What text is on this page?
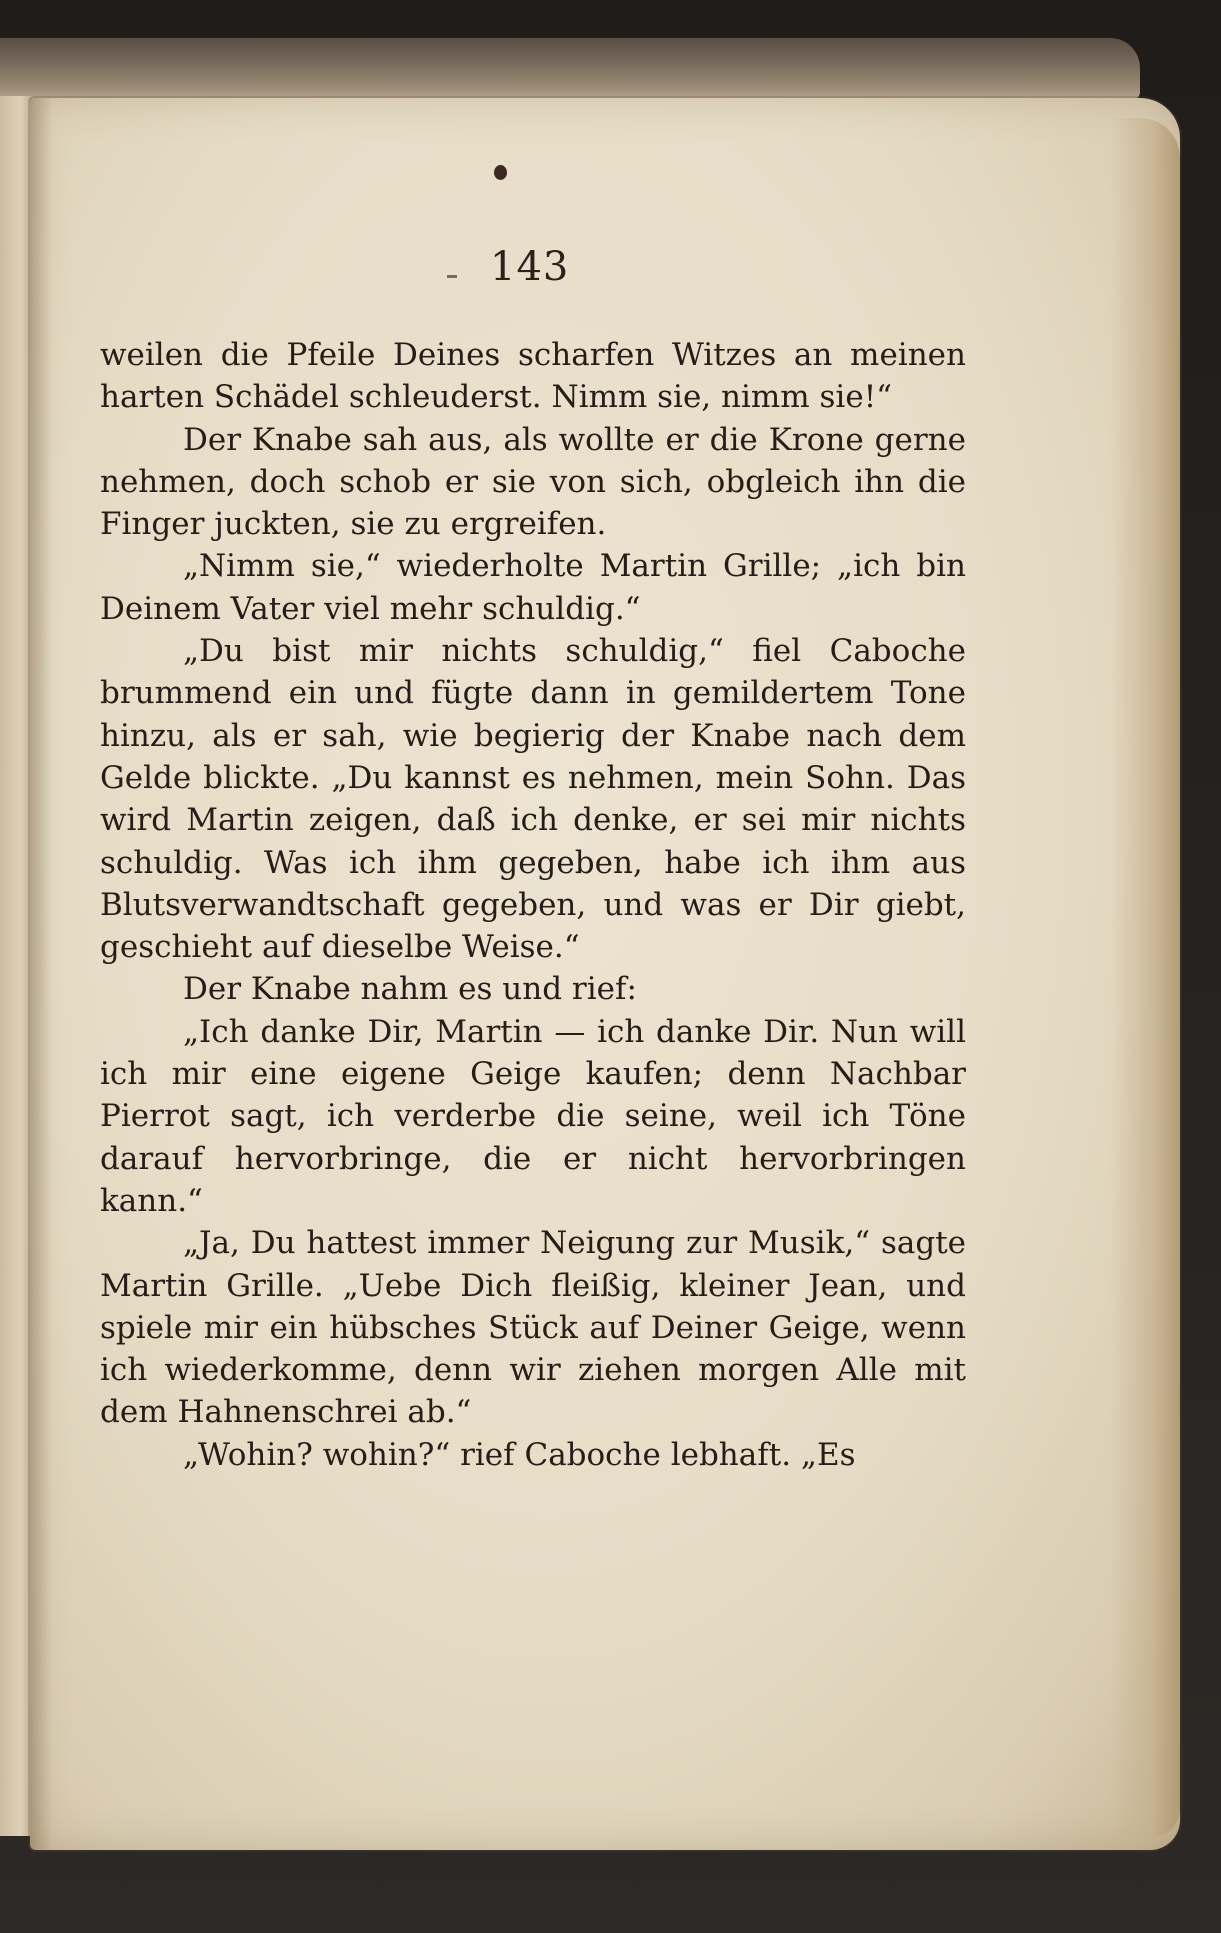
143

weilen die Pfeile Deines scharfen Witzes an meinen harten Schädel schleuderst. Nimm sie, nimm sie!“

Der Knabe sah aus, als wollte er die Krone gerne nehmen, doch schob er sie von sich, obgleich ihn die Finger juckten, sie zu ergreifen.

„Nimm sie,“ wiederholte Martin Grille; „ich bin Deinem Vater viel mehr schuldig.“

„Du bist mir nichts schuldig,“ fiel Caboche brummend ein und fügte dann in gemildertem Tone hinzu, als er sah, wie begierig der Knabe nach dem Gelde blickte. „Du kannst es nehmen, mein Sohn. Das wird Martin zeigen, daß ich denke, er sei mir nichts schuldig. Was ich ihm gegeben, habe ich ihm aus Blutsverwandtschaft gegeben, und was er Dir giebt, geschieht auf dieselbe Weise.“

Der Knabe nahm es und rief:

„Ich danke Dir, Martin — ich danke Dir. Nun will ich mir eine eigene Geige kaufen; denn Nachbar Pierrot sagt, ich verderbe die seine, weil ich Töne darauf hervorbringe, die er nicht hervorbringen kann.“

„Ja, Du hattest immer Neigung zur Musik,“ sagte Martin Grille. „Uebe Dich fleißig, kleiner Jean, und spiele mir ein hübsches Stück auf Deiner Geige, wenn ich wiederkomme, denn wir ziehen morgen Alle mit dem Hahnenschrei ab.“

„Wohin? wohin?“ rief Caboche lebhaft. „Es
